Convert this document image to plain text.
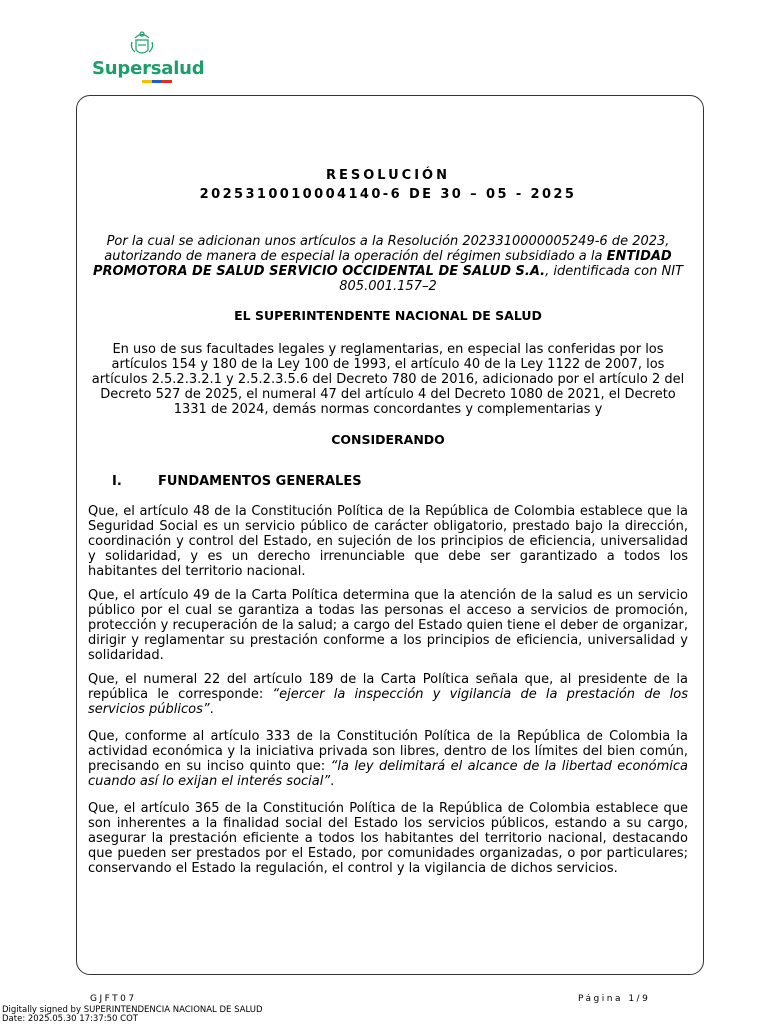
Supersalud
RESOLUCIÓN
2025310010004140-6 DE 30 – 05 - 2025
Por la cual se adicionan unos artículos a la Resolución 2023310000005249-6 de 2023, autorizando de manera de especial la operación del régimen subsidiado a la ENTIDAD PROMOTORA DE SALUD SERVICIO OCCIDENTAL DE SALUD S.A., identificada con NIT 805.001.157–2
EL SUPERINTENDENTE NACIONAL DE SALUD
En uso de sus facultades legales y reglamentarias, en especial las conferidas por los artículos 154 y 180 de la Ley 100 de 1993, el artículo 40 de la Ley 1122 de 2007, los artículos 2.5.2.3.2.1 y 2.5.2.3.5.6 del Decreto 780 de 2016, adicionado por el artículo 2 del Decreto 527 de 2025, el numeral 47 del artículo 4 del Decreto 1080 de 2021, el Decreto 1331 de 2024, demás normas concordantes y complementarias y
CONSIDERANDO
I.	FUNDAMENTOS GENERALES
Que, el artículo 48 de la Constitución Política de la República de Colombia establece que la Seguridad Social es un servicio público de carácter obligatorio, prestado bajo la dirección, coordinación y control del Estado, en sujeción de los principios de eficiencia, universalidad y solidaridad, y es un derecho irrenunciable que debe ser garantizado a todos los habitantes del territorio nacional.
Que, el artículo 49 de la Carta Política determina que la atención de la salud es un servicio público por el cual se garantiza a todas las personas el acceso a servicios de promoción, protección y recuperación de la salud; a cargo del Estado quien tiene el deber de organizar, dirigir y reglamentar su prestación conforme a los principios de eficiencia, universalidad y solidaridad.
Que, el numeral 22 del artículo 189 de la Carta Política señala que, al presidente de la república le corresponde: “ejercer la inspección y vigilancia de la prestación de los servicios públicos”.
Que, conforme al artículo 333 de la Constitución Política de la República de Colombia la actividad económica y la iniciativa privada son libres, dentro de los límites del bien común, precisando en su inciso quinto que: “la ley delimitará el alcance de la libertad económica cuando así lo exijan el interés social”.
Que, el artículo 365 de la Constitución Política de la República de Colombia establece que son inherentes a la finalidad social del Estado los servicios públicos, estando a su cargo, asegurar la prestación eficiente a todos los habitantes del territorio nacional, destacando que pueden ser prestados por el Estado, por comunidades organizadas, o por particulares; conservando el Estado la regulación, el control y la vigilancia de dichos servicios.
GJFT07	Página 1/9
Digitally signed by SUPERINTENDENCIA NACIONAL DE SALUD
Date: 2025.05.30 17:37:50 COT
